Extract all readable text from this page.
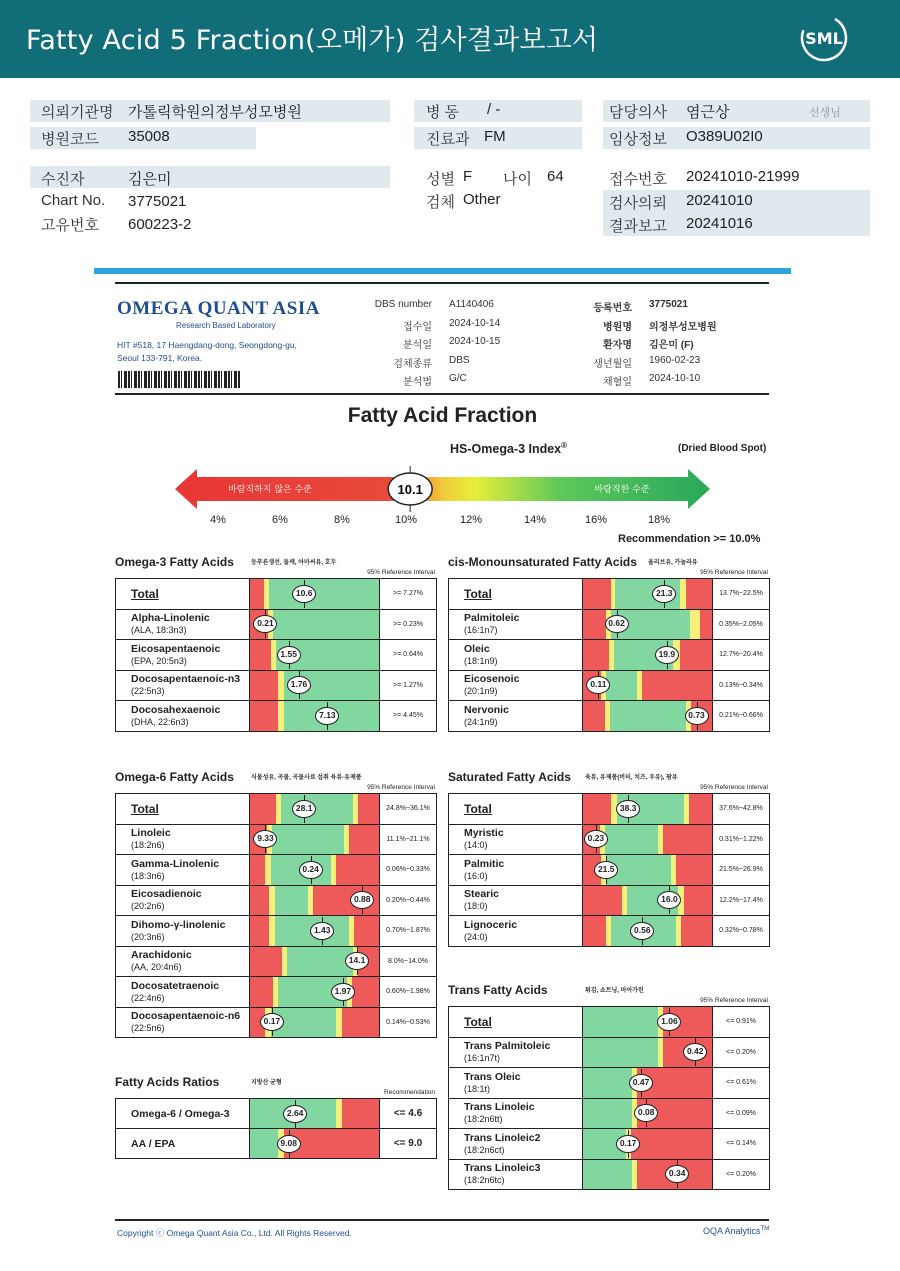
Fatty Acid 5 Fraction(오메가) 검사결과보고서	SML
의뢰기관명 가톨릭학원의정부성모병원
병원코드 35008
병 동 / -
진료과 FM
담당의사 염근상	선생님
임상정보 O389U02I0
수진자	김은미
Chart No. 3775021
고유번호 600223-2
성별 F 나이 64
검체 Other
접수번호 20241010-21999
검사의뢰 20241010
결과보고 20241016
OMEGA QUANT ASIA
Research Based Laboratory
HIT #518, 17 Haengdang-dong, Seongdong-gu,
Seoul 133-791, Korea.
DBS number A1140406
접수일 2024-10-14
분석일 2024-10-15
검체종류 DBS
분석법 G/C
등록번호 3775021
병원명 의정부성모병원
환자명 김은미 (F)
생년월일 1960-02-23
채혈일 2024-10-10
Fatty Acid Fraction
HS-Omega-3 Index®	(Dried Blood Spot)
바람직하지 않은 수준	바람직한 수준
10.1
4%	6%	8%	10%	12%	14%	16%	18%
Recommendation >= 10.0%
Omega-3 Fatty Acids	등푸른생선, 들깨, 아마씨유, 호두
95% Reference Interval
Total	10.6	>= 7.27%

Alpha-Linolenic
(ALA, 18:3n3)	0.21	>= 0.23%

Eicosapentaenoic
(EPA, 20:5n3)	1.55	>= 0.64%

Docosapentaenoic-n3
(22:5n3)	1.76	>= 1.27%

Docosahexaenoic
(DHA, 22:6n3)	7.13	>= 4.45%
cis-Monounsaturated Fatty Acids 올리브유, 카놀라유
95% Reference Interval
Total	21.3	13.7%~22.5%

Palmitoleic
(16:1n7)	0.62	0.35%~2.05%

Oleic
(18:1n9)	19.9	12.7%~20.4%

Eicosenoic
(20:1n9)	0.11	0.13%~0.34%

Nervonic
(24:1n9)	0.73	0.21%~0.66%
Omega-6 Fatty Acids	식물성유, 곡물, 곡물사료 섭취 육류·유제품
95% Reference Interval
Total	28.1	24.8%~36.1%

Linoleic
(18:2n6)	9.33	11.1%~21.1%

Gamma-Linolenic
(18:3n6)	0.24	0.06%~0.33%

Eicosadienoic
(20:2n6)	0.88	0.20%~0.44%

Dihomo-γ-linolenic
(20:3n6)	1.43	0.70%~1.87%

Arachidonic
(AA, 20:4n6)	14.1	8.0%~14.0%

Docosatetraenoic
(22:4n6)	1.97	0.60%~1.98%

Docosapentaenoic-n6
(22:5n6)	0.17	0.14%~0.53%
Saturated Fatty Acids 육류, 유제품(버터, 치즈, 우유), 팜유
95% Reference Interval
Total	38.3	37.6%~42.8%

Myristic
(14:0)	0.23	0.31%~1.22%

Palmitic
(16:0)	21.5	21.5%~26.9%

Stearic
(18:0)	16.0	12.2%~17.4%

Lignoceric
(24:0)	0.56	0.32%~0.78%
Trans Fatty Acids	튀김, 쇼트닝, 마아가린
95% Reference Interval
Total	1.06	<= 0.91%

Trans Palmitoleic
(16:1n7t)	0.42	<= 0.20%

Trans Oleic
(18:1t)	0.47	<= 0.61%

Trans Linoleic
(18:2n6tt)	0.08	<= 0.09%

Trans Linoleic2
(18:2n6ct)	0.17	<= 0.14%

Trans Linoleic3
(18:2n6tc)	0.34	<= 0.20%
Fatty Acids Ratios	지방산 균형
Recommendation
Omega-6 / Omega-3	2.64	<= 4.6

AA / EPA	9.08	<= 9.0
Copyright ⓒ Omega Quant Asia Co., Ltd. All Rights Reserved.	OQA Analytics™
